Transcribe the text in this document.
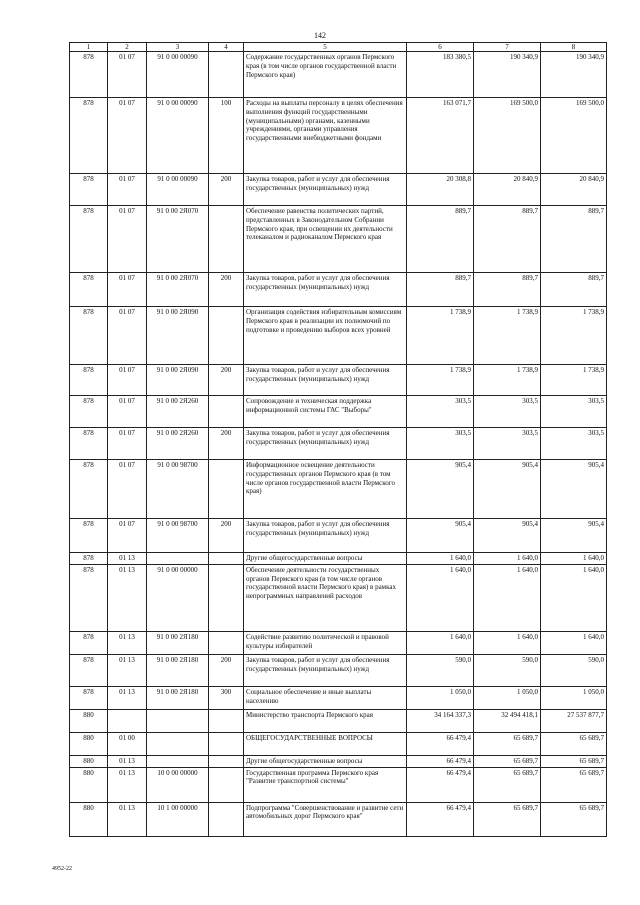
142
1	2	3	4	5	6	7	8
878	01 07	91 0 00 00090		Содержание государственных органов Пермского края (в том числе органов государственной власти Пермского края)	183 380,5	190 340,9	190 340,9
878	01 07	91 0 00 00090	100	Расходы на выплаты персоналу в целях обеспечения выполнения функций государственными (муниципальными) органами, казенными учреждениями, органами управления государственными внебюджетными фондами	163 071,7	169 500,0	169 500,0
878	01 07	91 0 00 00090	200	Закупка товаров, работ и услуг для обеспечения государственных (муниципальных) нужд	20 308,8	20 840,9	20 840,9
878	01 07	91 0 00 2Я070		Обеспечение равенства политических партий, представленных в Законодательном Собрании Пермского края, при освещении их деятельности телеканалом и радиоканалом Пермского края	889,7	889,7	889,7
878	01 07	91 0 00 2Я070	200	Закупка товаров, работ и услуг для обеспечения государственных (муниципальных) нужд	889,7	889,7	889,7
878	01 07	91 0 00 2Я090		Организация содействия избирательным комиссиям Пермского края в реализации их полномочий по подготовке и проведению выборов всех уровней	1 738,9	1 738,9	1 738,9
878	01 07	91 0 00 2Я090	200	Закупка товаров, работ и услуг для обеспечения государственных (муниципальных) нужд	1 738,9	1 738,9	1 738,9
878	01 07	91 0 00 2Я260		Сопровождение и техническая поддержка информационной системы ГАС "Выборы"	303,5	303,5	303,5
878	01 07	91 0 00 2Я260	200	Закупка товаров, работ и услуг для обеспечения государственных (муниципальных) нужд	303,5	303,5	303,5
878	01 07	91 0 00 98700		Информационное освещение деятельности государственных органов Пермского края (в том числе органов государственной власти Пермского края)	905,4	905,4	905,4
878	01 07	91 0 00 98700	200	Закупка товаров, работ и услуг для обеспечения государственных (муниципальных) нужд	905,4	905,4	905,4
878	01 13			Другие общегосударственные вопросы	1 640,0	1 640,0	1 640,0
878	01 13	91 0 00 00000		Обеспечение деятельности государственных органов Пермского края (в том числе органов государственной власти Пермского края) в рамках непрограммных направлений расходов	1 640,0	1 640,0	1 640,0
878	01 13	91 0 00 2Я180		Содействие развитию политической и правовой культуры избирателей	1 640,0	1 640,0	1 640,0
878	01 13	91 0 00 2Я180	200	Закупка товаров, работ и услуг для обеспечения государственных (муниципальных) нужд	590,0	590,0	590,0
878	01 13	91 0 00 2Я180	300	Социальное обеспечение и иные выплаты населению	1 050,0	1 050,0	1 050,0
880				Министерство транспорта Пермского края	34 164 337,3	32 494 418,1	27 537 877,7
880	01 00			ОБЩЕГОСУДАРСТВЕННЫЕ ВОПРОСЫ	66 479,4	65 689,7	65 689,7
880	01 13			Другие общегосударственные вопросы	66 479,4	65 689,7	65 689,7
880	01 13	10 0 00 00000		Государственная программа Пермского края "Развитие транспортной системы"	66 479,4	65 689,7	65 689,7
880	01 13	10 1 00 00000		Подпрограмма "Совершенствование и развитие сети автомобильных дорог Пермского края"	66 479,4	65 689,7	65 689,7
4952-22
